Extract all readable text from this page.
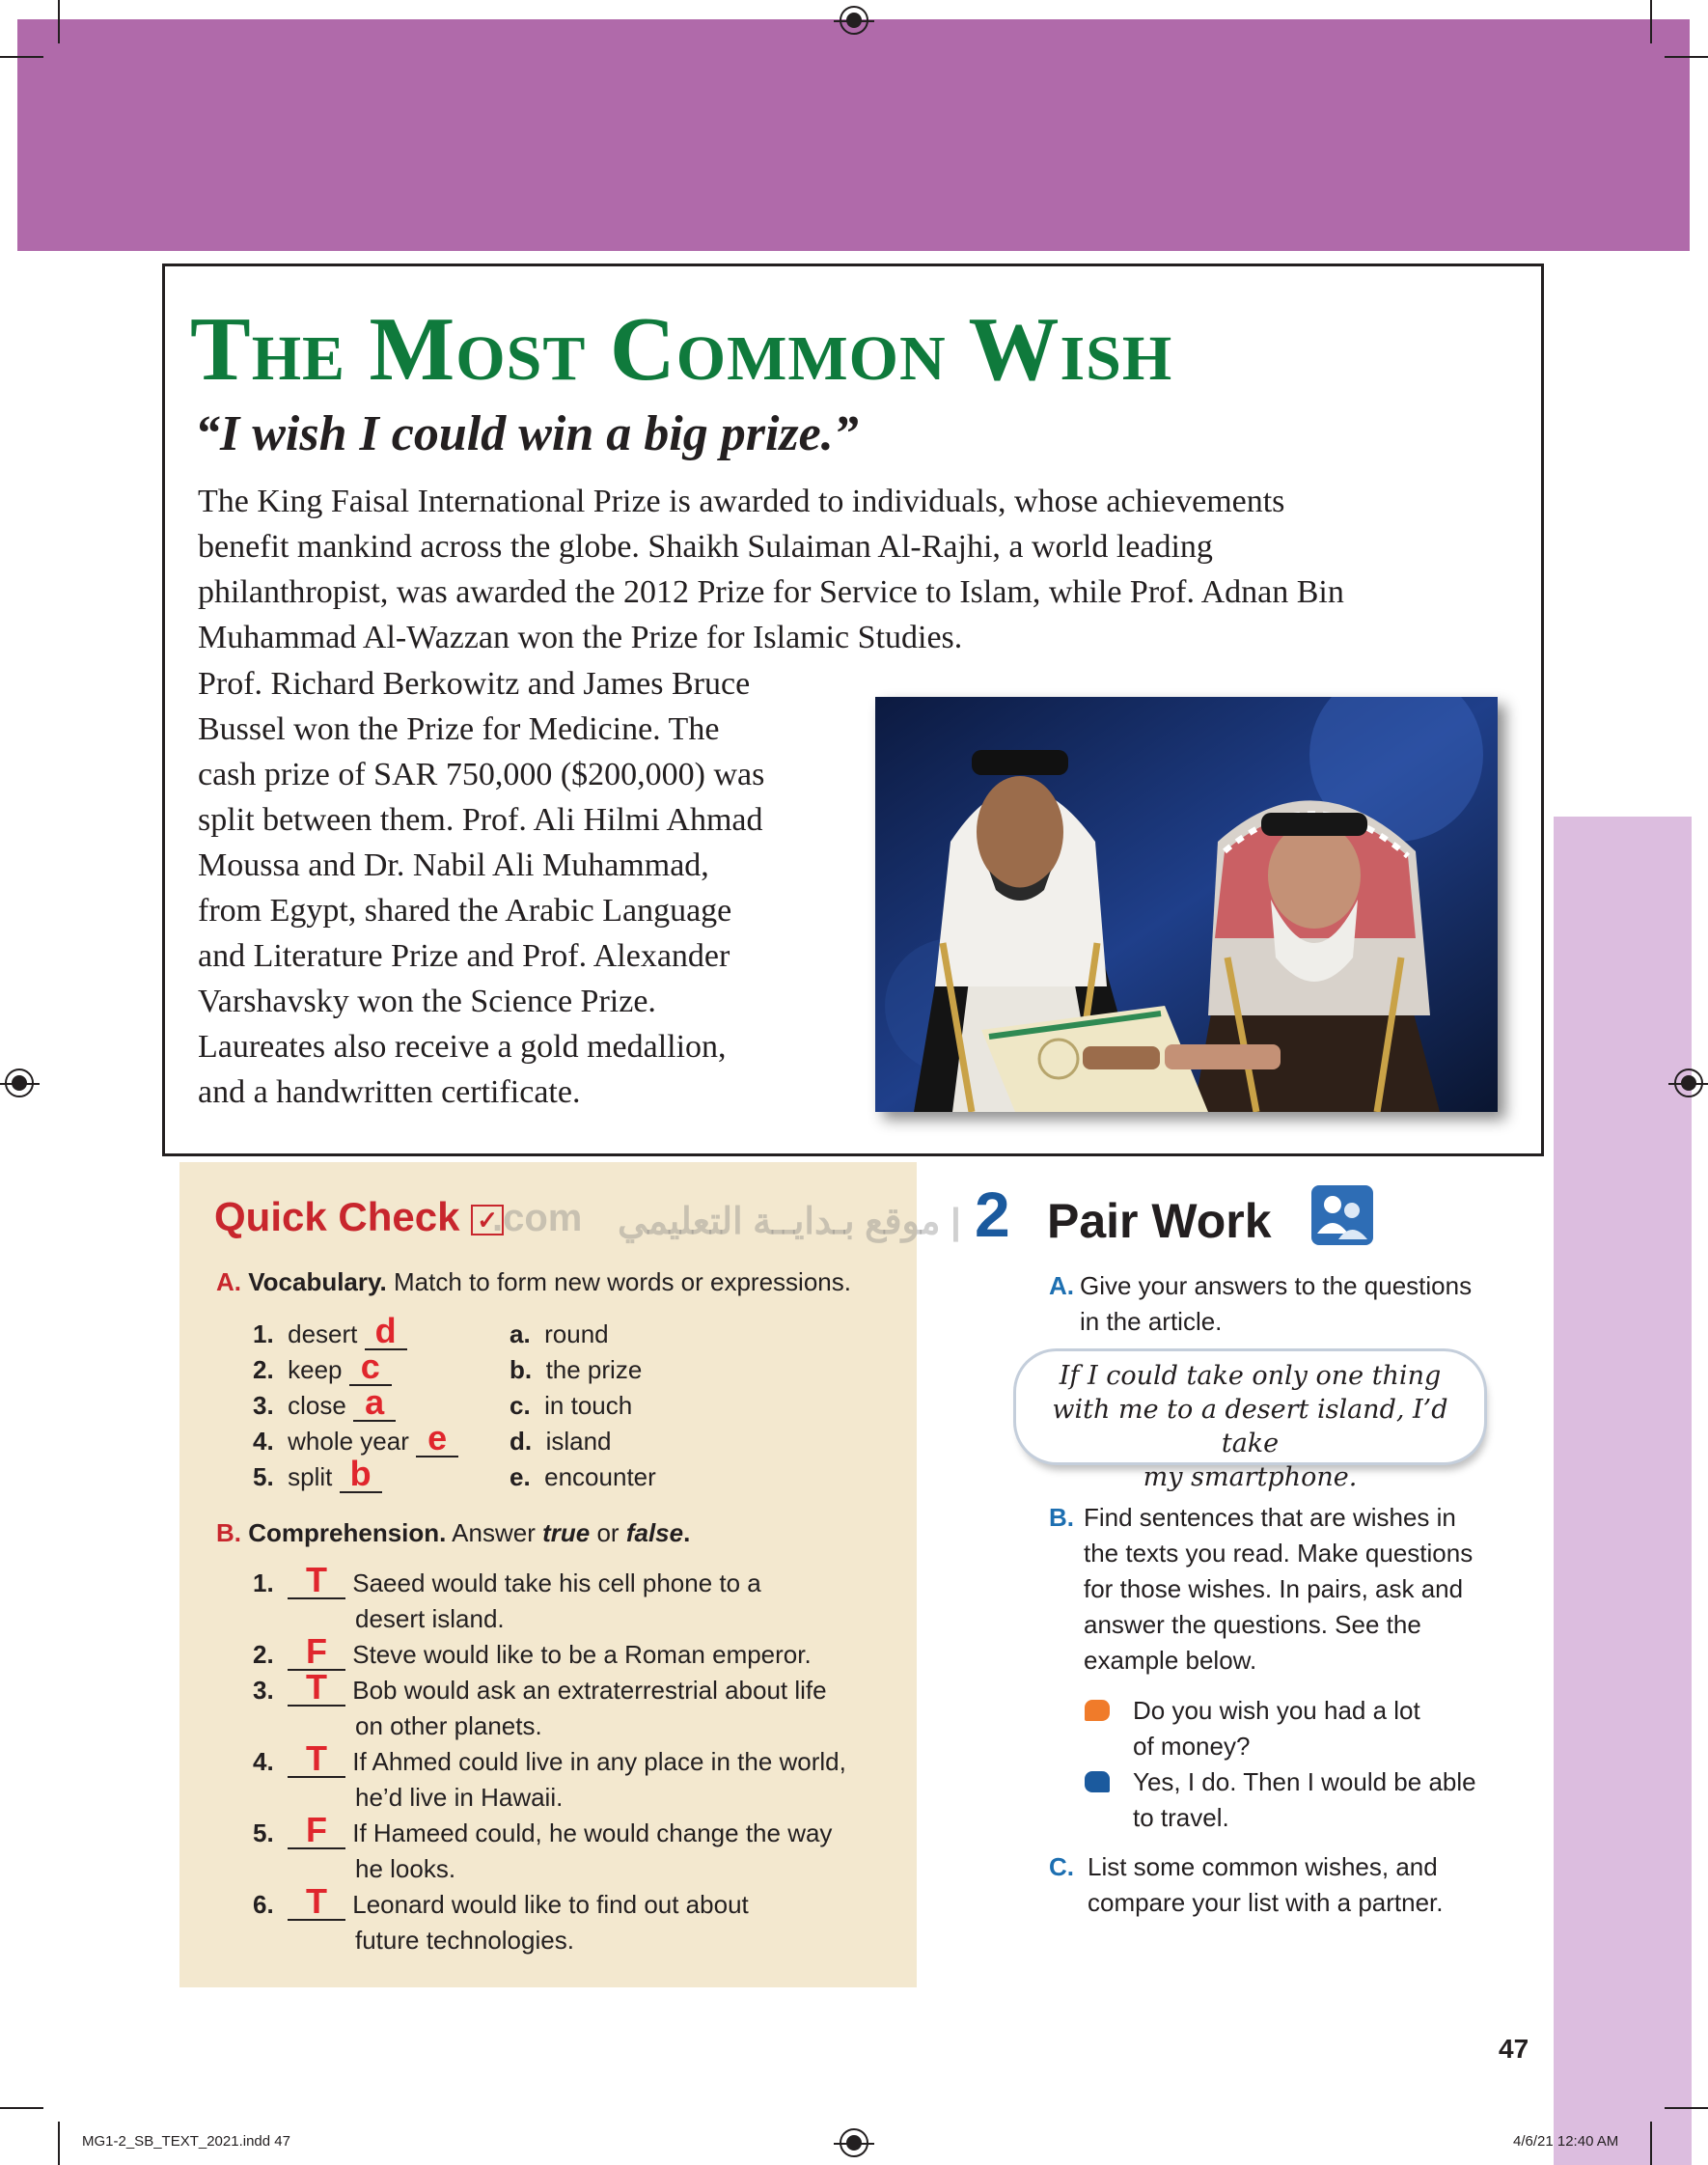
The Most Common Wish
“I wish I could win a big prize.”
The King Faisal International Prize is awarded to individuals, whose achievements
benefit mankind across the globe. Shaikh Sulaiman Al-Rajhi, a world leading
philanthropist, was awarded the 2012 Prize for Service to Islam, while Prof. Adnan Bin
Muhammad Al-Wazzan won the Prize for Islamic Studies.
Prof. Richard Berkowitz and James Bruce
Bussel won the Prize for Medicine. The
cash prize of SAR 750,000 ($200,000) was
split between them. Prof. Ali Hilmi Ahmad
Moussa and Dr. Nabil Ali Muhammad,
from Egypt, shared the Arabic Language
and Literature Prize and Prof. Alexander
Varshavsky won the Science Prize.
Laureates also receive a gold medallion,
and a handwritten certificate.
Quick Check ✓
A. Vocabulary. Match to form new words or expressions.
1. desert d
2. keep c
3. close a
4. whole year e
5. split b
a. round
b. the prize
c. in touch
d. island
e. encounter
B. Comprehension. Answer true or false.
1. T Saeed would take his cell phone to a
desert island.
2. F Steve would like to be a Roman emperor.
3. T Bob would ask an extraterrestrial about life
on other planets.
4. T If Ahmed could live in any place in the world,
he’d live in Hawaii.
5. F If Hameed could, he would change the way
he looks.
6. T Leonard would like to find out about
future technologies.
2 Pair Work
A. Give your answers to the questions
in the article.
If I could take only one thing
with me to a desert island, I’d take
my smartphone.
B. Find sentences that are wishes in
the texts you read. Make questions
for those wishes. In pairs, ask and
answer the questions. See the
example below.
Do you wish you had a lot
of money?
Yes, I do. Then I would be able
to travel.
C. List some common wishes, and
compare your list with a partner.
.com | موقع بـدايــة التعليمي
47
MG1-2_SB_TEXT_2021.indd 47	4/6/21 12:40 AM
